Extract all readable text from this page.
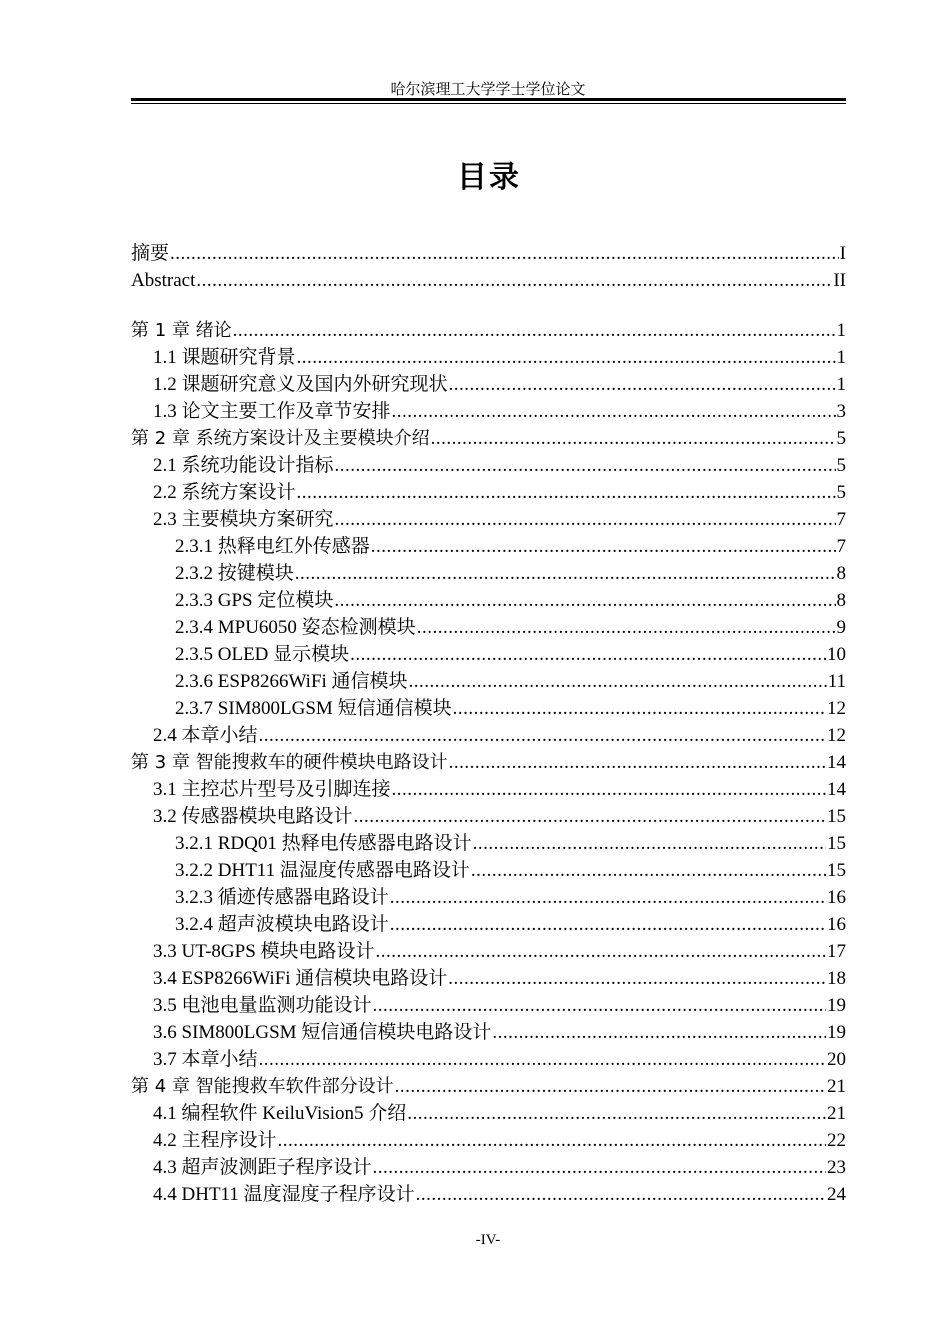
哈尔滨理工大学学士学位论文
目录
摘要 .....	I
Abstract .....	II
第 1 章 绪论 .....	1
1.1 课题研究背景 .....	1
1.2 课题研究意义及国内外研究现状 .....	1
1.3 论文主要工作及章节安排 .....	3
第 2 章 系统方案设计及主要模块介绍 .....	5
2.1 系统功能设计指标 .....	5
2.2 系统方案设计 .....	5
2.3 主要模块方案研究 .....	7
2.3.1 热释电红外传感器 .....	7
2.3.2 按键模块 .....	8
2.3.3 GPS 定位模块 .....	8
2.3.4 MPU6050 姿态检测模块 .....	9
2.3.5 OLED 显示模块 .....	10
2.3.6 ESP8266WiFi 通信模块 .....	11
2.3.7 SIM800LGSM 短信通信模块 .....	12
2.4 本章小结 .....	12
第 3 章 智能搜救车的硬件模块电路设计 .....	14
3.1 主控芯片型号及引脚连接 .....	14
3.2 传感器模块电路设计 .....	15
3.2.1 RDQ01 热释电传感器电路设计 .....	15
3.2.2 DHT11 温湿度传感器电路设计 .....	15
3.2.3 循迹传感器电路设计 .....	16
3.2.4 超声波模块电路设计 .....	16
3.3 UT-8GPS 模块电路设计 .....	17
3.4 ESP8266WiFi 通信模块电路设计 .....	18
3.5 电池电量监测功能设计 .....	19
3.6 SIM800LGSM 短信通信模块电路设计 .....	19
3.7 本章小结 .....	20
第 4 章 智能搜救车软件部分设计 .....	21
4.1 编程软件 KeiluVision5 介绍 .....	21
4.2 主程序设计 .....	22
4.3 超声波测距子程序设计 .....	23
4.4 DHT11 温度湿度子程序设计 .....	24
-IV-
